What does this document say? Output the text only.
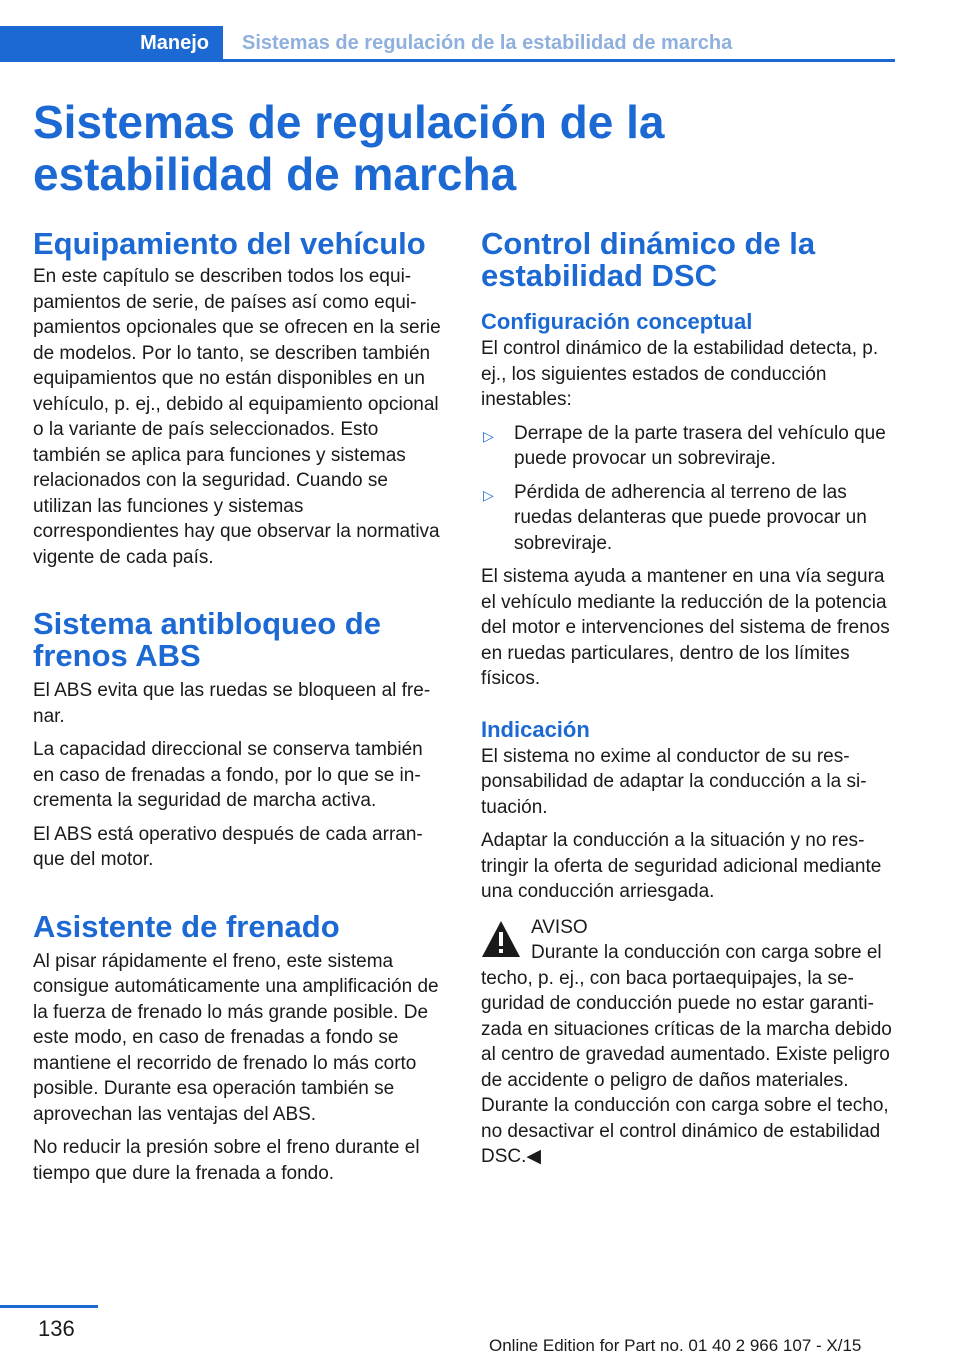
Manejo Sistemas de regulación de la estabilidad de marcha
Sistemas de regulación de la estabilidad de marcha
Equipamiento del vehículo

En este capítulo se describen todos los equipamientos de serie, de países así como equipamientos opcionales que se ofrecen en la serie de modelos. Por lo tanto, se describen también equipamientos que no están disponibles en un vehículo, p. ej., debido al equipamiento opcional o la variante de país seleccionados. Esto también se aplica para funciones y sistemas relacionados con la seguridad. Cuando se utilizan las funciones y sistemas correspondientes hay que observar la normativa vigente de cada país.

Sistema antibloqueo de frenos ABS

El ABS evita que las ruedas se bloqueen al frenar.

La capacidad direccional se conserva también en caso de frenadas a fondo, por lo que se incrementa la seguridad de marcha activa.

El ABS está operativo después de cada arranque del motor.

Asistente de frenado

Al pisar rápidamente el freno, este sistema consigue automáticamente una amplificación de la fuerza de frenado lo más grande posible. De este modo, en caso de frenadas a fondo se mantiene el recorrido de frenado lo más corto posible. Durante esa operación también se aprovechan las ventajas del ABS.

No reducir la presión sobre el freno durante el tiempo que dure la frenada a fondo.

Control dinámico de la estabilidad DSC
Configuración conceptual

El control dinámico de la estabilidad detecta, p. ej., los siguientes estados de conducción inestables:

▷ Derrape de la parte trasera del vehículo que puede provocar un sobreviraje.
▷ Pérdida de adherencia al terreno de las ruedas delanteras que puede provocar un sobreviraje.

El sistema ayuda a mantener en una vía segura el vehículo mediante la reducción de la potencia del motor e intervenciones del sistema de frenos en ruedas particulares, dentro de los límites físicos.

Indicación

El sistema no exime al conductor de su responsabilidad de adaptar la conducción a la situación.

Adaptar la conducción a la situación y no restringir la oferta de seguridad adicional mediante una conducción arriesgada.

AVISO

Durante la conducción con carga sobre el techo, p. ej., con baca portaequipajes, la seguridad de conducción puede no estar garantizada en situaciones críticas de la marcha debido al centro de gravedad aumentado. Existe peligro de accidente o peligro de daños materiales. Durante la conducción con carga sobre el techo, no desactivar el control dinámico de estabilidad DSC.◀

136
Online Edition for Part no. 01 40 2 966 107 - X/15
